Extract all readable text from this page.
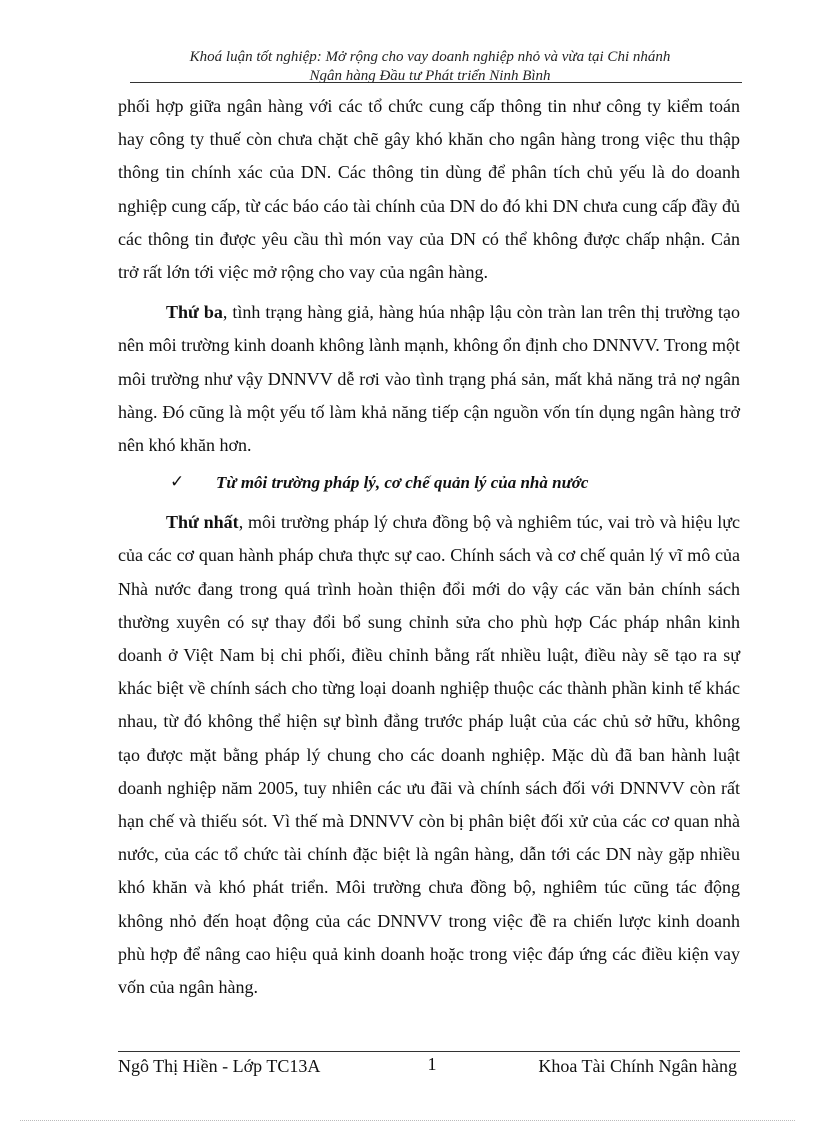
Khoá luận tốt nghiệp: Mở rộng cho vay doanh nghiệp nhỏ và vừa tại Chi nhánh
Ngân hàng Đầu tư Phát triển Ninh Bình

phối hợp giữa ngân hàng với các tổ chức cung cấp thông tin như công ty kiểm toán hay công ty thuế còn chưa chặt chẽ gây khó khăn cho ngân hàng trong việc thu thập thông tin chính xác của DN. Các thông tin dùng để phân tích chủ yếu là do doanh nghiệp cung cấp, từ các báo cáo tài chính của DN do đó khi DN chưa cung cấp đầy đủ các thông tin được yêu cầu thì món vay của DN có thể không được chấp nhận. Cản trở rất lớn tới việc mở rộng cho vay của ngân hàng.

Thứ ba, tình trạng hàng giả, hàng húa nhập lậu còn tràn lan trên thị trường tạo nên môi trường kinh doanh không lành mạnh, không ổn định cho DNNVV. Trong một môi trường như vậy DNNVV dễ rơi vào tình trạng phá sản, mất khả năng trả nợ ngân hàng. Đó cũng là một yếu tố làm khả năng tiếp cận nguồn vốn tín dụng ngân hàng trở nên khó khăn hơn.

✓ Từ môi trường pháp lý, cơ chế quản lý của nhà nước

Thứ nhất, môi trường pháp lý chưa đồng bộ và nghiêm túc, vai trò và hiệu lực của các cơ quan hành pháp chưa thực sự cao. Chính sách và cơ chế quản lý vĩ mô của Nhà nước đang trong quá trình hoàn thiện đổi mới do vậy các văn bản chính sách thường xuyên có sự thay đổi bổ sung chỉnh sửa cho phù hợp Các pháp nhân kinh doanh ở Việt Nam bị chi phối, điều chỉnh bằng rất nhiều luật, điều này sẽ tạo ra sự khác biệt về chính sách cho từng loại doanh nghiệp thuộc các thành phần kinh tế khác nhau, từ đó không thể hiện sự bình đẳng trước pháp luật của các chủ sở hữu, không tạo được mặt bằng pháp lý chung cho các doanh nghiệp. Mặc dù đã ban hành luật doanh nghiệp năm 2005, tuy nhiên các ưu đãi và chính sách đối với DNNVV còn rất hạn chế và thiếu sót. Vì thế mà DNNVV còn bị phân biệt đối xử của các cơ quan nhà nước, của các tổ chức tài chính đặc biệt là ngân hàng, dẫn tới các DN này gặp nhiều khó khăn và khó phát triển. Môi trường chưa đồng bộ, nghiêm túc cũng tác động không nhỏ đến hoạt động của các DNNVV trong việc đề ra chiến lược kinh doanh phù hợp để nâng cao hiệu quả kinh doanh hoặc trong việc đáp ứng các điều kiện vay vốn của ngân hàng.

Ngô Thị Hiền - Lớp TC13A	1	Khoa Tài Chính Ngân hàng
